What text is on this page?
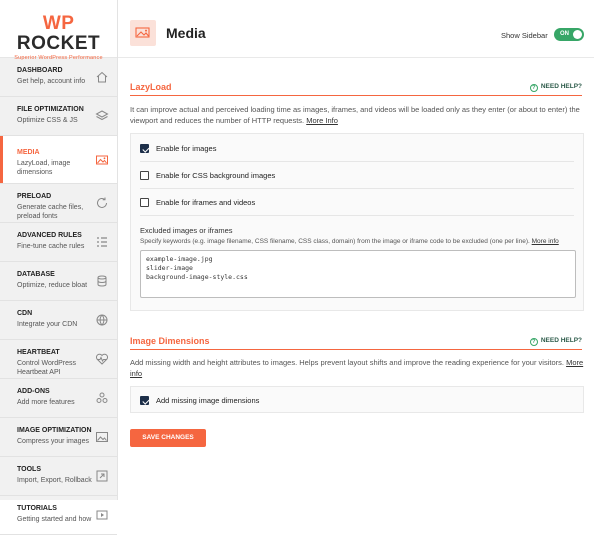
WP ROCKET
Superior WordPress Performance
DASHBOARD
Get help, account info
FILE OPTIMIZATION
Optimize CSS & JS
MEDIA
LazyLoad, image dimensions
PRELOAD
Generate cache files, preload fonts
ADVANCED RULES
Fine-tune cache rules
DATABASE
Optimize, reduce bloat
CDN
Integrate your CDN
HEARTBEAT
Control WordPress Heartbeat API
ADD-ONS
Add more features
IMAGE OPTIMIZATION
Compress your images
TOOLS
Import, Export, Rollback
TUTORIALS
Getting started and how
Media	Show Sidebar ON
LazyLoad	? NEED HELP?
It can improve actual and perceived loading time as images, iframes, and videos will be loaded only as they enter (or about to enter) the viewport and reduces the number of HTTP requests. More Info
Enable for images
Enable for CSS background images
Enable for iframes and videos
Excluded images or iframes
Specify keywords (e.g. image filename, CSS filename, CSS class, domain) from the image or iframe code to be excluded (one per line). More info
example-image.jpg
slider-image
background-image-style.css
Image Dimensions	? NEED HELP?
Add missing width and height attributes to images. Helps prevent layout shifts and improve the reading experience for your visitors. More info
Add missing image dimensions
SAVE CHANGES
